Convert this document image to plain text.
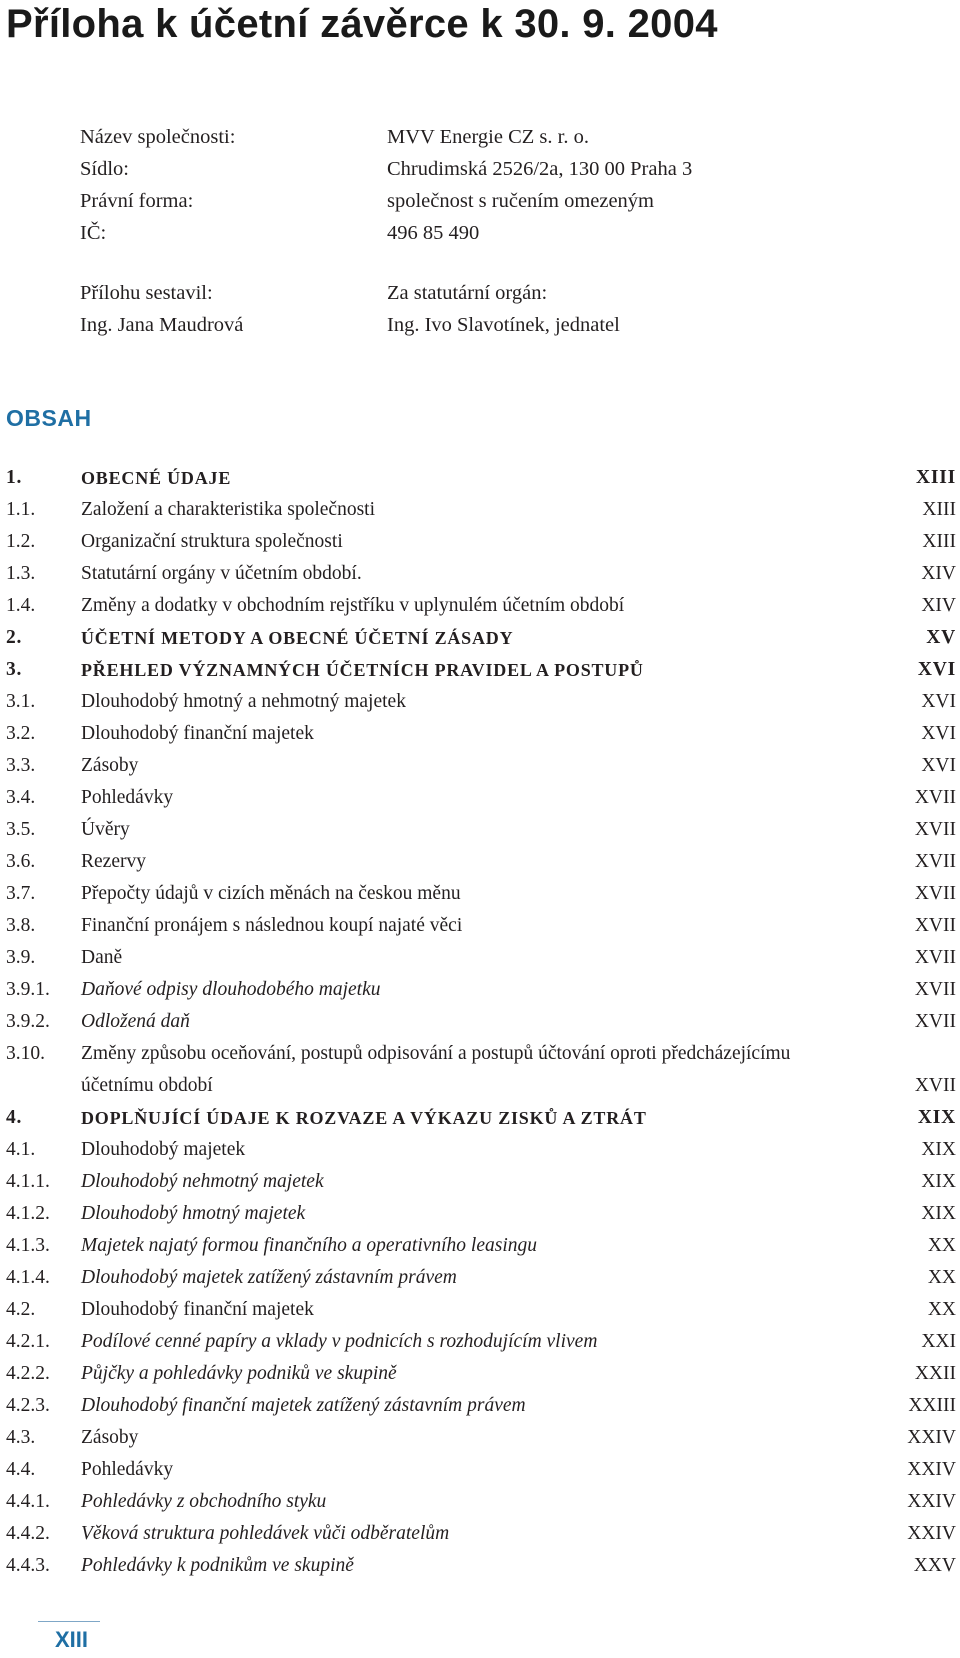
Příloha k účetní závěrce k 30. 9. 2004
Název společnosti:	MVV Energie CZ s. r. o.
Sídlo:	Chrudimská 2526/2a, 130 00 Praha 3
Právní forma:	společnost s ručením omezeným
IČ:	496 85 490
Přílohu sestavil:	Za statutární orgán:
Ing. Jana Maudrová	Ing. Ivo Slavotínek, jednatel
OBSAH
1.	OBECNÉ ÚDAJE	XIII
1.1.	Založení a charakteristika společnosti	XIII
1.2.	Organizační struktura společnosti	XIII
1.3.	Statutární orgány v účetním období.	XIV
1.4.	Změny a dodatky v obchodním rejstříku v uplynulém účetním období	XIV
2.	ÚČETNÍ METODY A OBECNÉ ÚČETNÍ ZÁSADY	XV
3.	PŘEHLED VÝZNAMNÝCH ÚČETNÍCH PRAVIDEL A POSTUPŮ	XVI
3.1.	Dlouhodobý hmotný a nehmotný majetek	XVI
3.2.	Dlouhodobý finanční majetek	XVI
3.3.	Zásoby	XVI
3.4.	Pohledávky	XVII
3.5.	Úvěry	XVII
3.6.	Rezervy	XVII
3.7.	Přepočty údajů v cizích měnách na českou měnu	XVII
3.8.	Finanční pronájem s následnou koupí najaté věci	XVII
3.9.	Daně	XVII
3.9.1.	Daňové odpisy dlouhodobého majetku	XVII
3.9.2.	Odložená daň	XVII
3.10.	Změny způsobu oceňování, postupů odpisování a postupů účtování oproti předcházejícímu účetnímu období	XVII
4.	DOPLŇUJÍCÍ ÚDAJE K ROZVAZE A VÝKAZU ZISKŮ A ZTRÁT	XIX
4.1.	Dlouhodobý majetek	XIX
4.1.1.	Dlouhodobý nehmotný majetek	XIX
4.1.2.	Dlouhodobý hmotný majetek	XIX
4.1.3.	Majetek najatý formou finančního a operativního leasingu	XX
4.1.4.	Dlouhodobý majetek zatížený zástavním právem	XX
4.2.	Dlouhodobý finanční majetek	XX
4.2.1.	Podílové cenné papíry a vklady v podnicích s rozhodujícím vlivem	XXI
4.2.2.	Půjčky a pohledávky podniků ve skupině	XXII
4.2.3.	Dlouhodobý finanční majetek zatížený zástavním právem	XXIII
4.3.	Zásoby	XXIV
4.4.	Pohledávky	XXIV
4.4.1.	Pohledávky z obchodního styku	XXIV
4.4.2.	Věková struktura pohledávek vůči odběratelům	XXIV
4.4.3.	Pohledávky k podnikům ve skupině	XXV
XIII
